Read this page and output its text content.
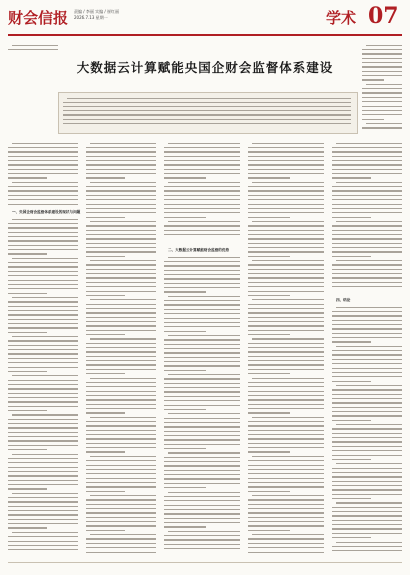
财会信报 责编 / 李丽 实编 / 崔红丽
2026.7.13 星期一	学术 07
大数据云计算赋能央国企财会监督体系建设
一、央国企财会监督体系建设的现状与问题
二、大数据云计算赋能财会监督的优势
四、结论
